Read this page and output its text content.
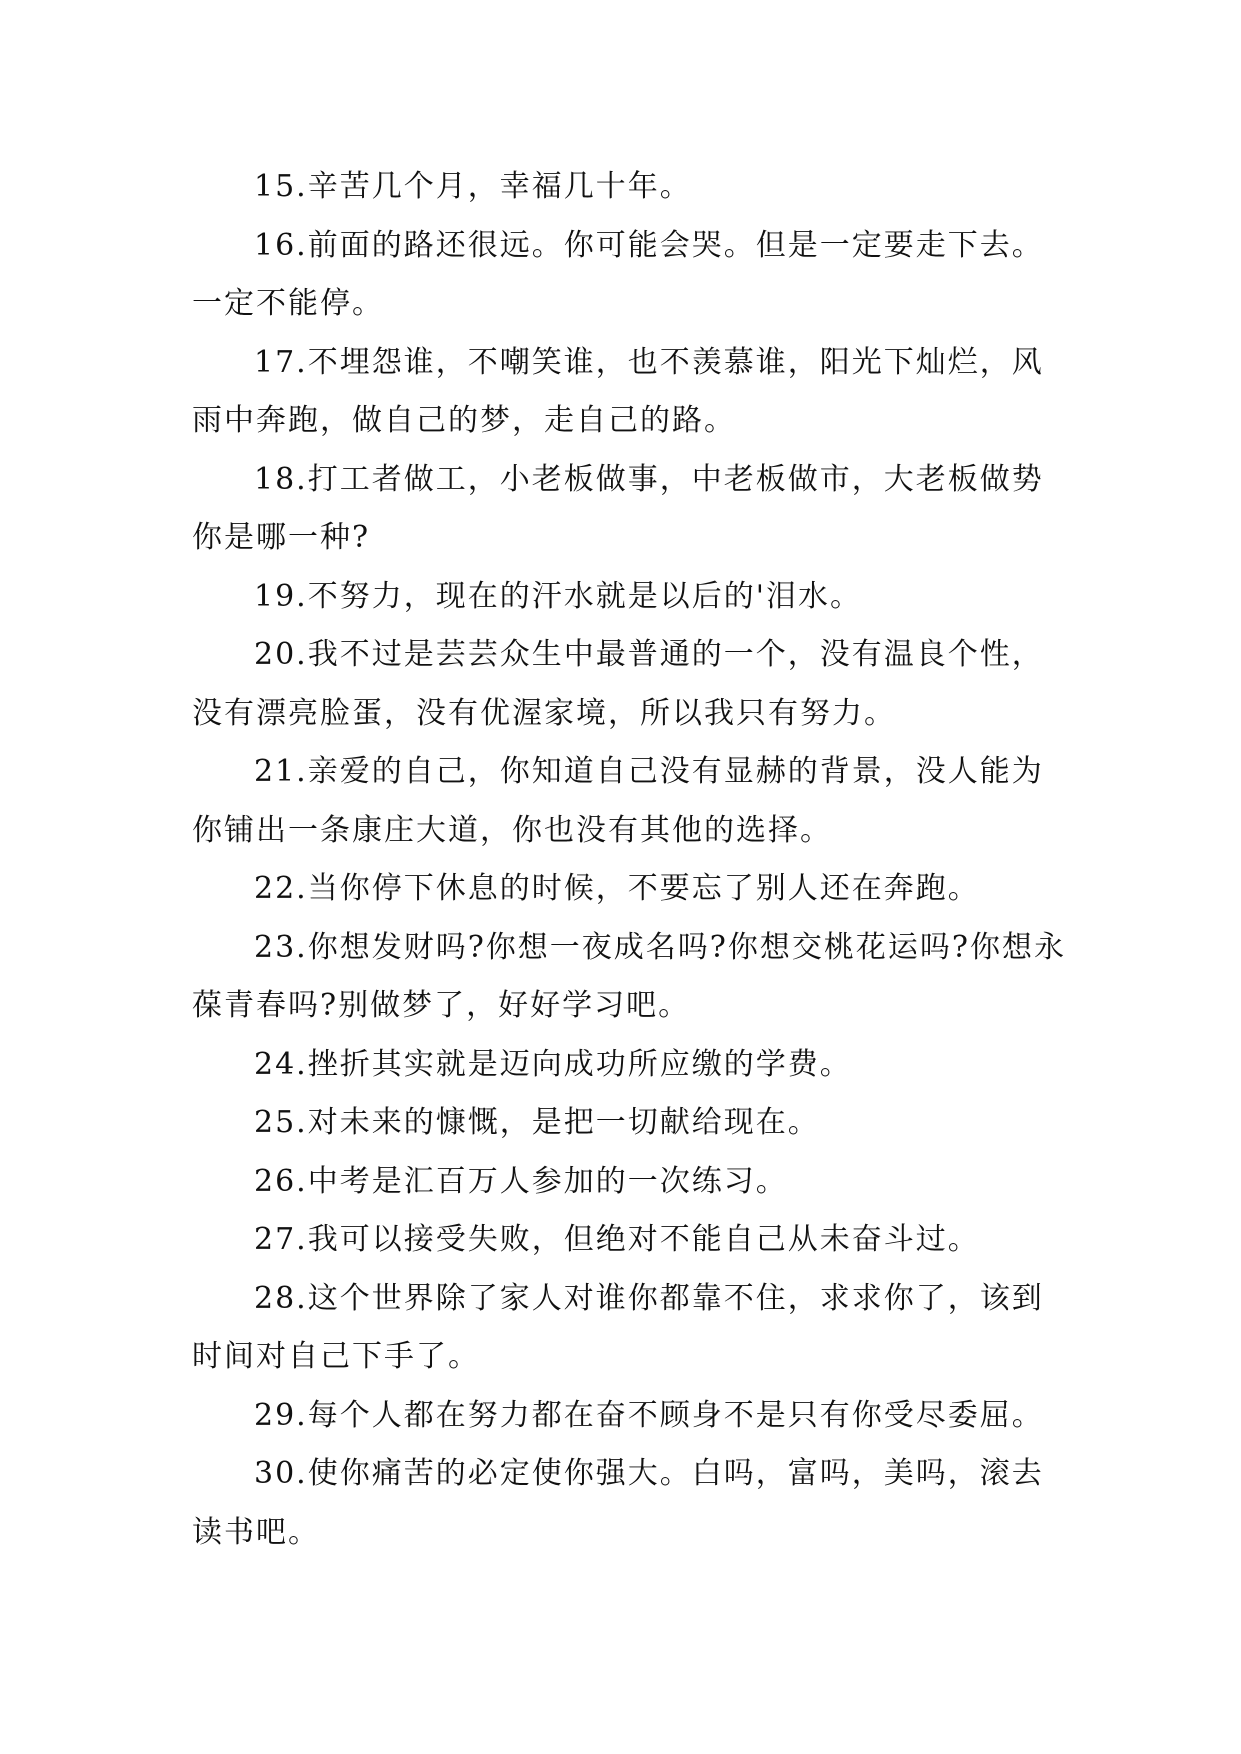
15.辛苦几个月，幸福几十年。

16.前面的路还很远。你可能会哭。但是一定要走下去。一定不能停。

17.不埋怨谁，不嘲笑谁，也不羡慕谁，阳光下灿烂，风雨中奔跑，做自己的梦，走自己的路。

18.打工者做工，小老板做事，中老板做市，大老板做势你是哪一种?

19.不努力，现在的汗水就是以后的'泪水。

20.我不过是芸芸众生中最普通的一个，没有温良个性，没有漂亮脸蛋，没有优渥家境，所以我只有努力。

21.亲爱的自己，你知道自己没有显赫的背景，没人能为你铺出一条康庄大道，你也没有其他的选择。

22.当你停下休息的时候，不要忘了别人还在奔跑。

23.你想发财吗?你想一夜成名吗?你想交桃花运吗?你想永葆青春吗?别做梦了，好好学习吧。

24.挫折其实就是迈向成功所应缴的学费。

25.对未来的慷慨，是把一切献给现在。

26.中考是汇百万人参加的一次练习。

27.我可以接受失败，但绝对不能自己从未奋斗过。

28.这个世界除了家人对谁你都靠不住，求求你了，该到时间对自己下手了。

29.每个人都在努力都在奋不顾身不是只有你受尽委屈。

30.使你痛苦的必定使你强大。白吗，富吗，美吗，滚去读书吧。
